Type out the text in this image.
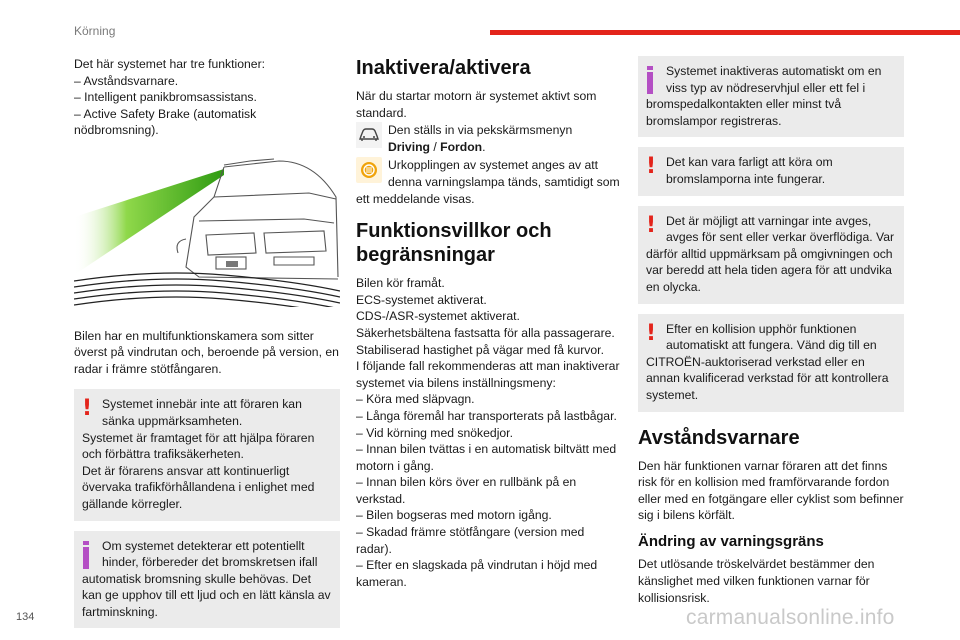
Körning

Det här systemet har tre funktioner:

– Avståndsvarnare.

– Intelligent panikbromsassistans.

– Active Safety Brake (automatisk nödbromsning).

Bilen har en multifunktionskamera som sitter överst på vindrutan och, beroende på version, en radar i främre stötfångaren.

! Systemet innebär inte att föraren kan sänka uppmärksamheten.

Systemet är framtaget för att hjälpa föraren och förbättra trafiksäkerheten.

Det är förarens ansvar att kontinuerligt övervaka trafikförhållandena i enlighet med gällande körregler.

Om systemet detekterar ett potentiellt hinder, förbereder det bromskretsen ifall automatisk bromsning skulle behövas. Det kan ge upphov till ett ljud och en lätt känsla av fartminskning.
Inaktivera/aktivera

När du startar motorn är systemet aktivt som standard.

Den ställs in via pekskärmsmenyn
Driving / Fordon.
Urkopplingen av systemet anges av att denna varningslampa tänds, samtidigt som ett meddelande visas.
Funktionsvillkor och begränsningar

Bilen kör framåt.

ECS-systemet aktiverat.

CDS-/ASR-systemet aktiverat.

Säkerhetsbältena fastsatta för alla passagerare.

Stabiliserad hastighet på vägar med få kurvor.

I följande fall rekommenderas att man inaktiverar systemet via bilens inställningsmeny:

– Köra med släpvagn.

– Långa föremål har transporterats på lastbågar.

– Vid körning med snökedjor.

– Innan bilen tvättas i en automatisk biltvätt med motorn i gång.

– Innan bilen körs över en rullbänk på en verkstad.

– Bilen bogseras med motorn igång.

– Skadad främre stötfångare (version med radar).

– Efter en slagskada på vindrutan i höjd med kameran.

Systemet inaktiveras automatiskt om en viss typ av nödreservhjul eller ett fel i bromspedalkontakten eller minst två bromslampor registreras.
! Det kan vara farligt att köra om bromslamporna inte fungerar.
! Det är möjligt att varningar inte avges, avges för sent eller verkar överflödiga. Var därför alltid uppmärksam på omgivningen och var beredd att hela tiden agera för att undvika en olycka.
! Efter en kollision upphör funktionen automatiskt att fungera. Vänd dig till en CITROËN-auktoriserad verkstad eller en annan kvalificerad verkstad för att kontrollera systemet.
Avståndsvarnare

Den här funktionen varnar föraren att det finns risk för en kollision med framförvarande fordon eller med en fotgängare eller cyklist som befinner sig i bilens körfält.

Ändring av varningsgräns

Det utlösande tröskelvärdet bestämmer den känslighet med vilken funktionen varnar för kollisionsrisk.

134	carmanualsonline.info
